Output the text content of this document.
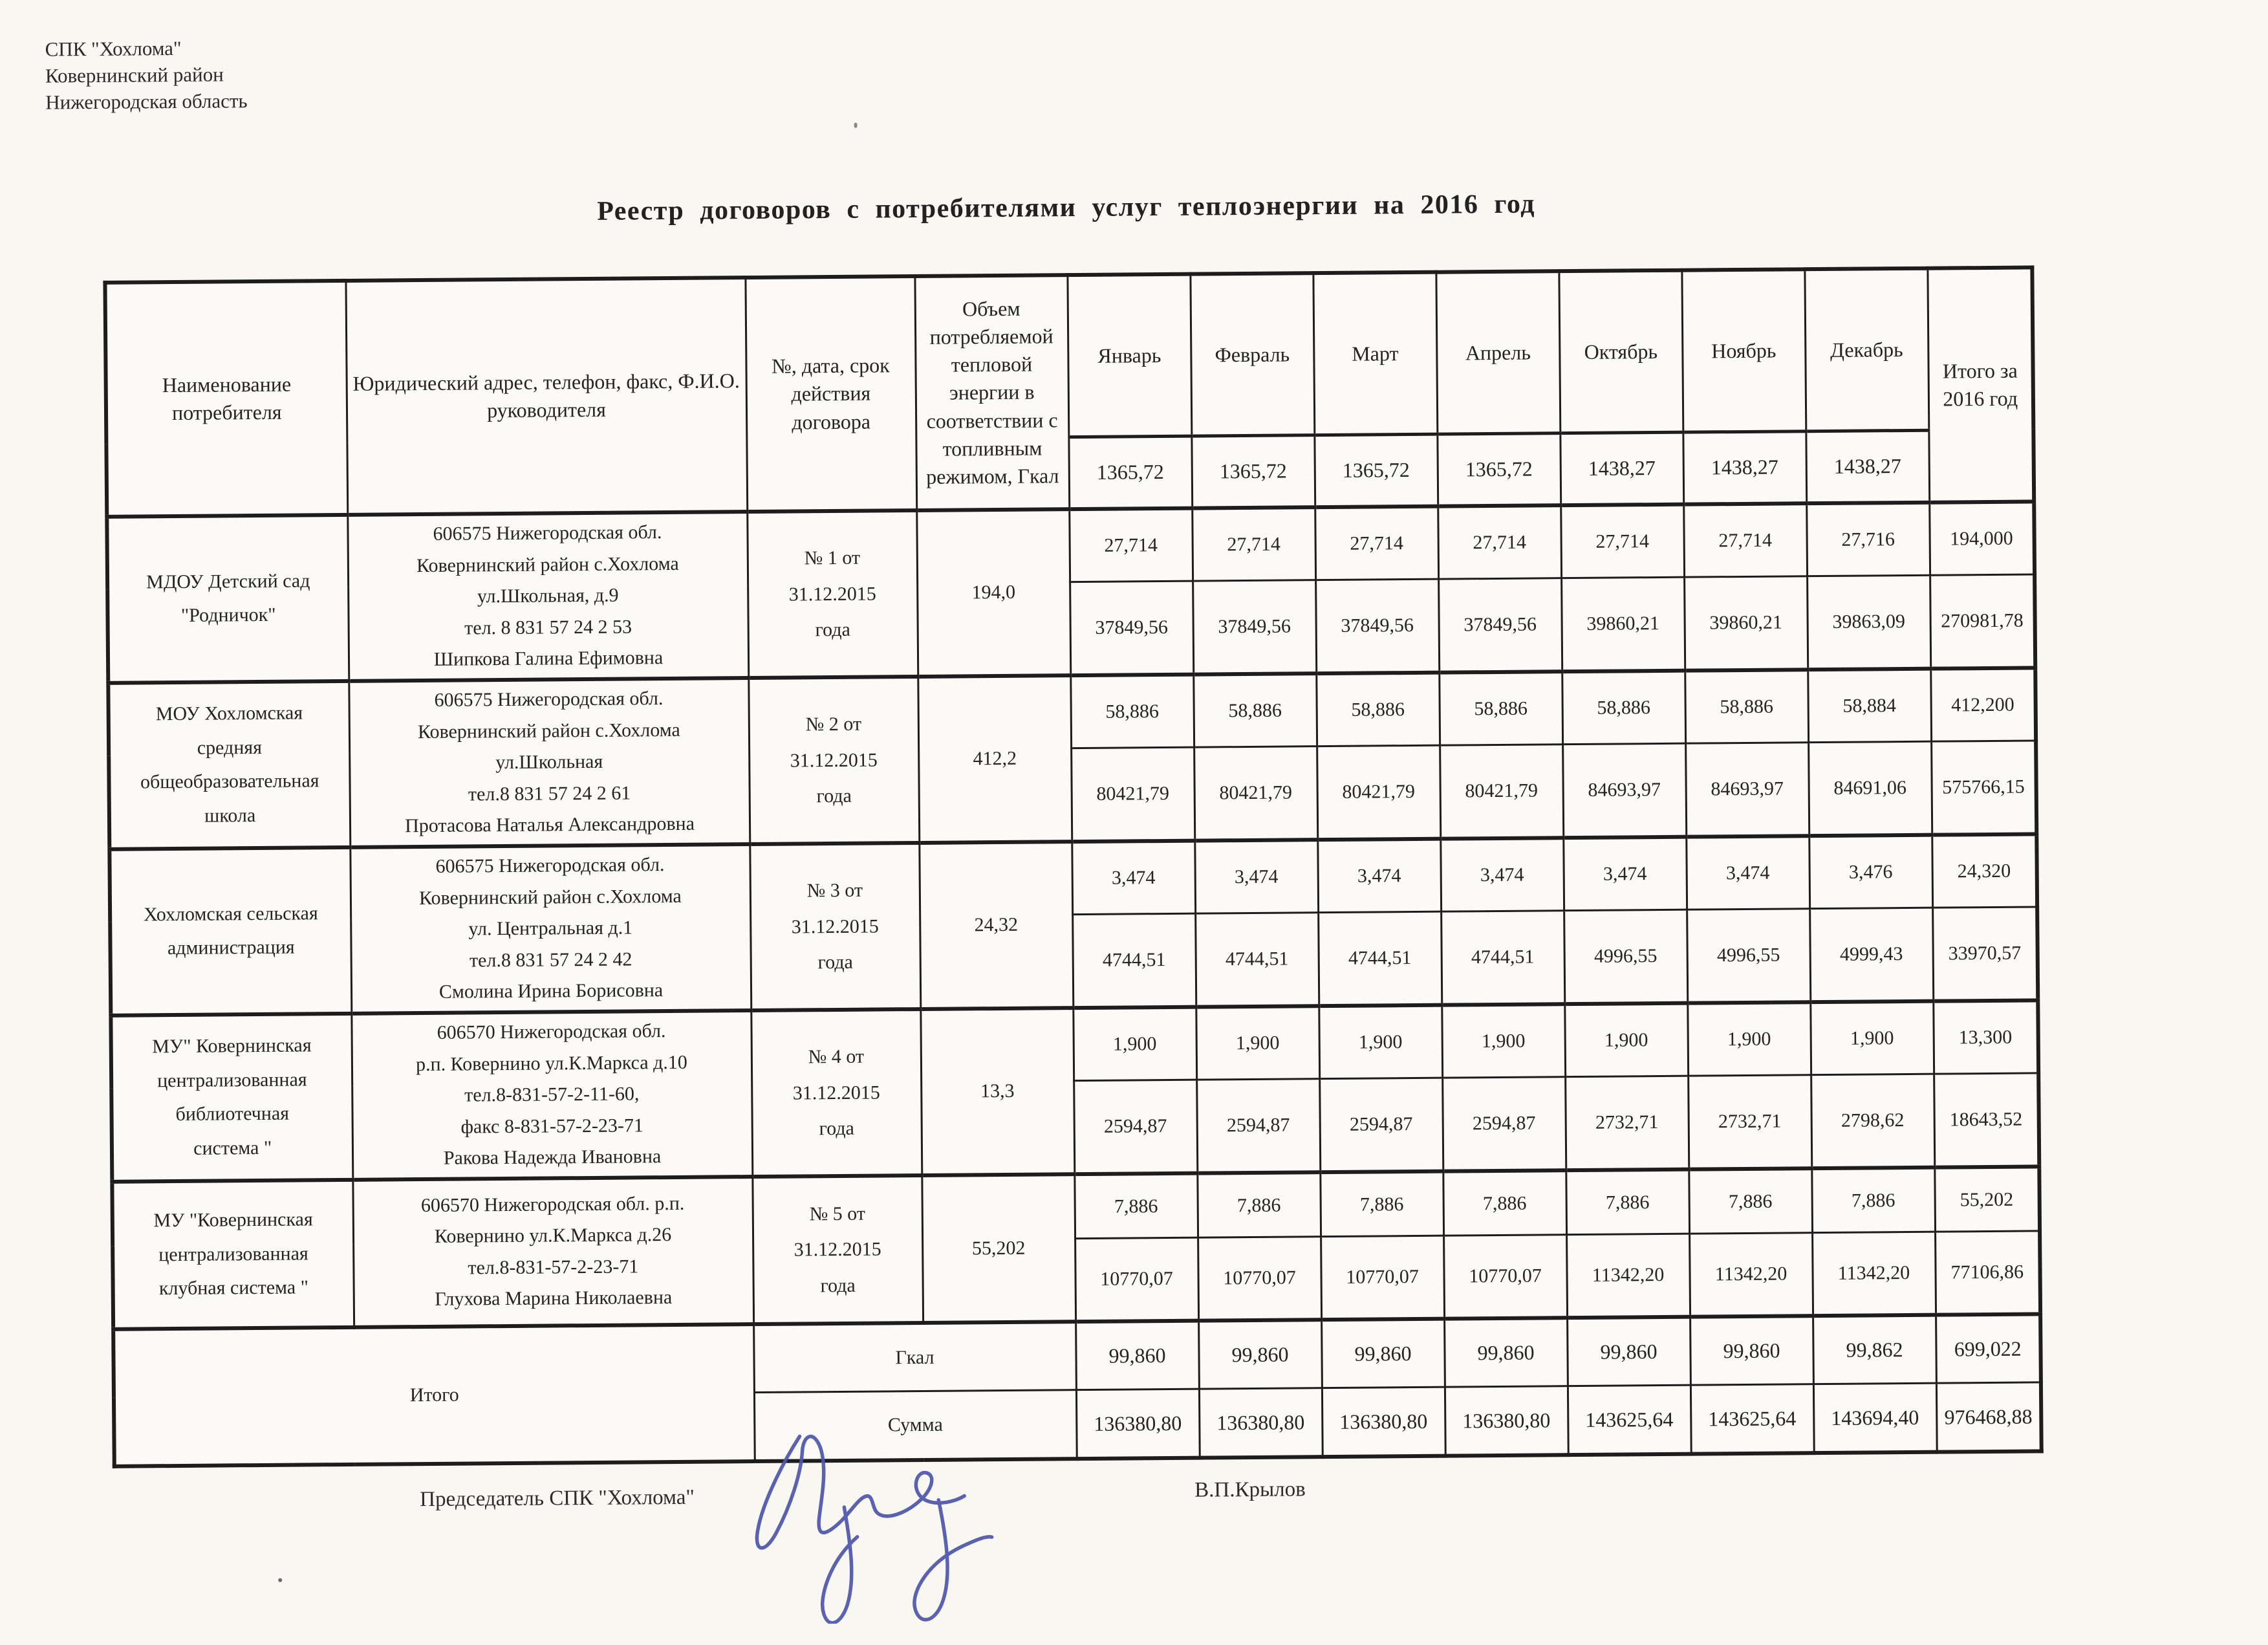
СПК "Хохлома"
Ковернинский район
Нижегородская область
Реестр договоров с потребителями услуг теплоэнергии на 2016 год
Наименование потребителя	Юридический адрес, телефон, факс, Ф.И.О. руководителя	№, дата, срок действия договора	Объем потребляемой тепловой энергии в соответствии с топливным режимом, Гкал	Январь	Февраль	Март	Апрель	Октябрь	Ноябрь	Декабрь	Итого за
2016 год
				1365,72	1365,72	1365,72	1365,72	1438,27	1438,27	1438,27	
МДОУ Детский сад
"Родничок"	606575 Нижегородская обл.
Ковернинский район с.Хохлома
ул.Школьная, д.9
тел. 8 831 57 24 2 53
Шипкова Галина Ефимовна	№ 1 от
31.12.2015
года	194,0	27,714	27,714	27,714	27,714	27,714	27,714	27,716	194,000
				37849,56	37849,56	37849,56	37849,56	39860,21	39860,21	39863,09	270981,78
МОУ Хохломская
средняя
общеобразовательная
школа	606575 Нижегородская обл.
Ковернинский район с.Хохлома
ул.Школьная
тел.8 831 57 24 2 61
Протасова Наталья Александровна	№ 2 от
31.12.2015
года	412,2	58,886	58,886	58,886	58,886	58,886	58,886	58,884	412,200
				80421,79	80421,79	80421,79	80421,79	84693,97	84693,97	84691,06	575766,15
Хохломская сельская
администрация	606575 Нижегородская обл.
Ковернинский район с.Хохлома
ул. Центральная д.1
тел.8 831 57 24 2 42
Смолина Ирина Борисовна	№ 3 от
31.12.2015
года	24,32	3,474	3,474	3,474	3,474	3,474	3,474	3,476	24,320
				4744,51	4744,51	4744,51	4744,51	4996,55	4996,55	4999,43	33970,57
МУ" Ковернинская
централизованная
библиотечная
система "	606570 Нижегородская обл.
р.п. Ковернино ул.К.Маркса д.10
тел.8-831-57-2-11-60,
факс 8-831-57-2-23-71
Ракова Надежда Ивановна	№ 4 от
31.12.2015
года	13,3	1,900	1,900	1,900	1,900	1,900	1,900	1,900	13,300
				2594,87	2594,87	2594,87	2594,87	2732,71	2732,71	2798,62	18643,52
МУ "Ковернинская
централизованная
клубная система "	606570 Нижегородская обл. р.п.
Ковернино ул.К.Маркса д.26
тел.8-831-57-2-23-71
Глухова Марина Николаевна	№ 5 от
31.12.2015
года	55,202	7,886	7,886	7,886	7,886	7,886	7,886	7,886	55,202
				10770,07	10770,07	10770,07	10770,07	11342,20	11342,20	11342,20	77106,86
Итого		Гкал		99,860	99,860	99,860	99,860	99,860	99,860	99,862	699,022
		Сумма		136380,80	136380,80	136380,80	136380,80	143625,64	143625,64	143694,40	976468,88
Председатель СПК "Хохлома"	В.П.Крылов
